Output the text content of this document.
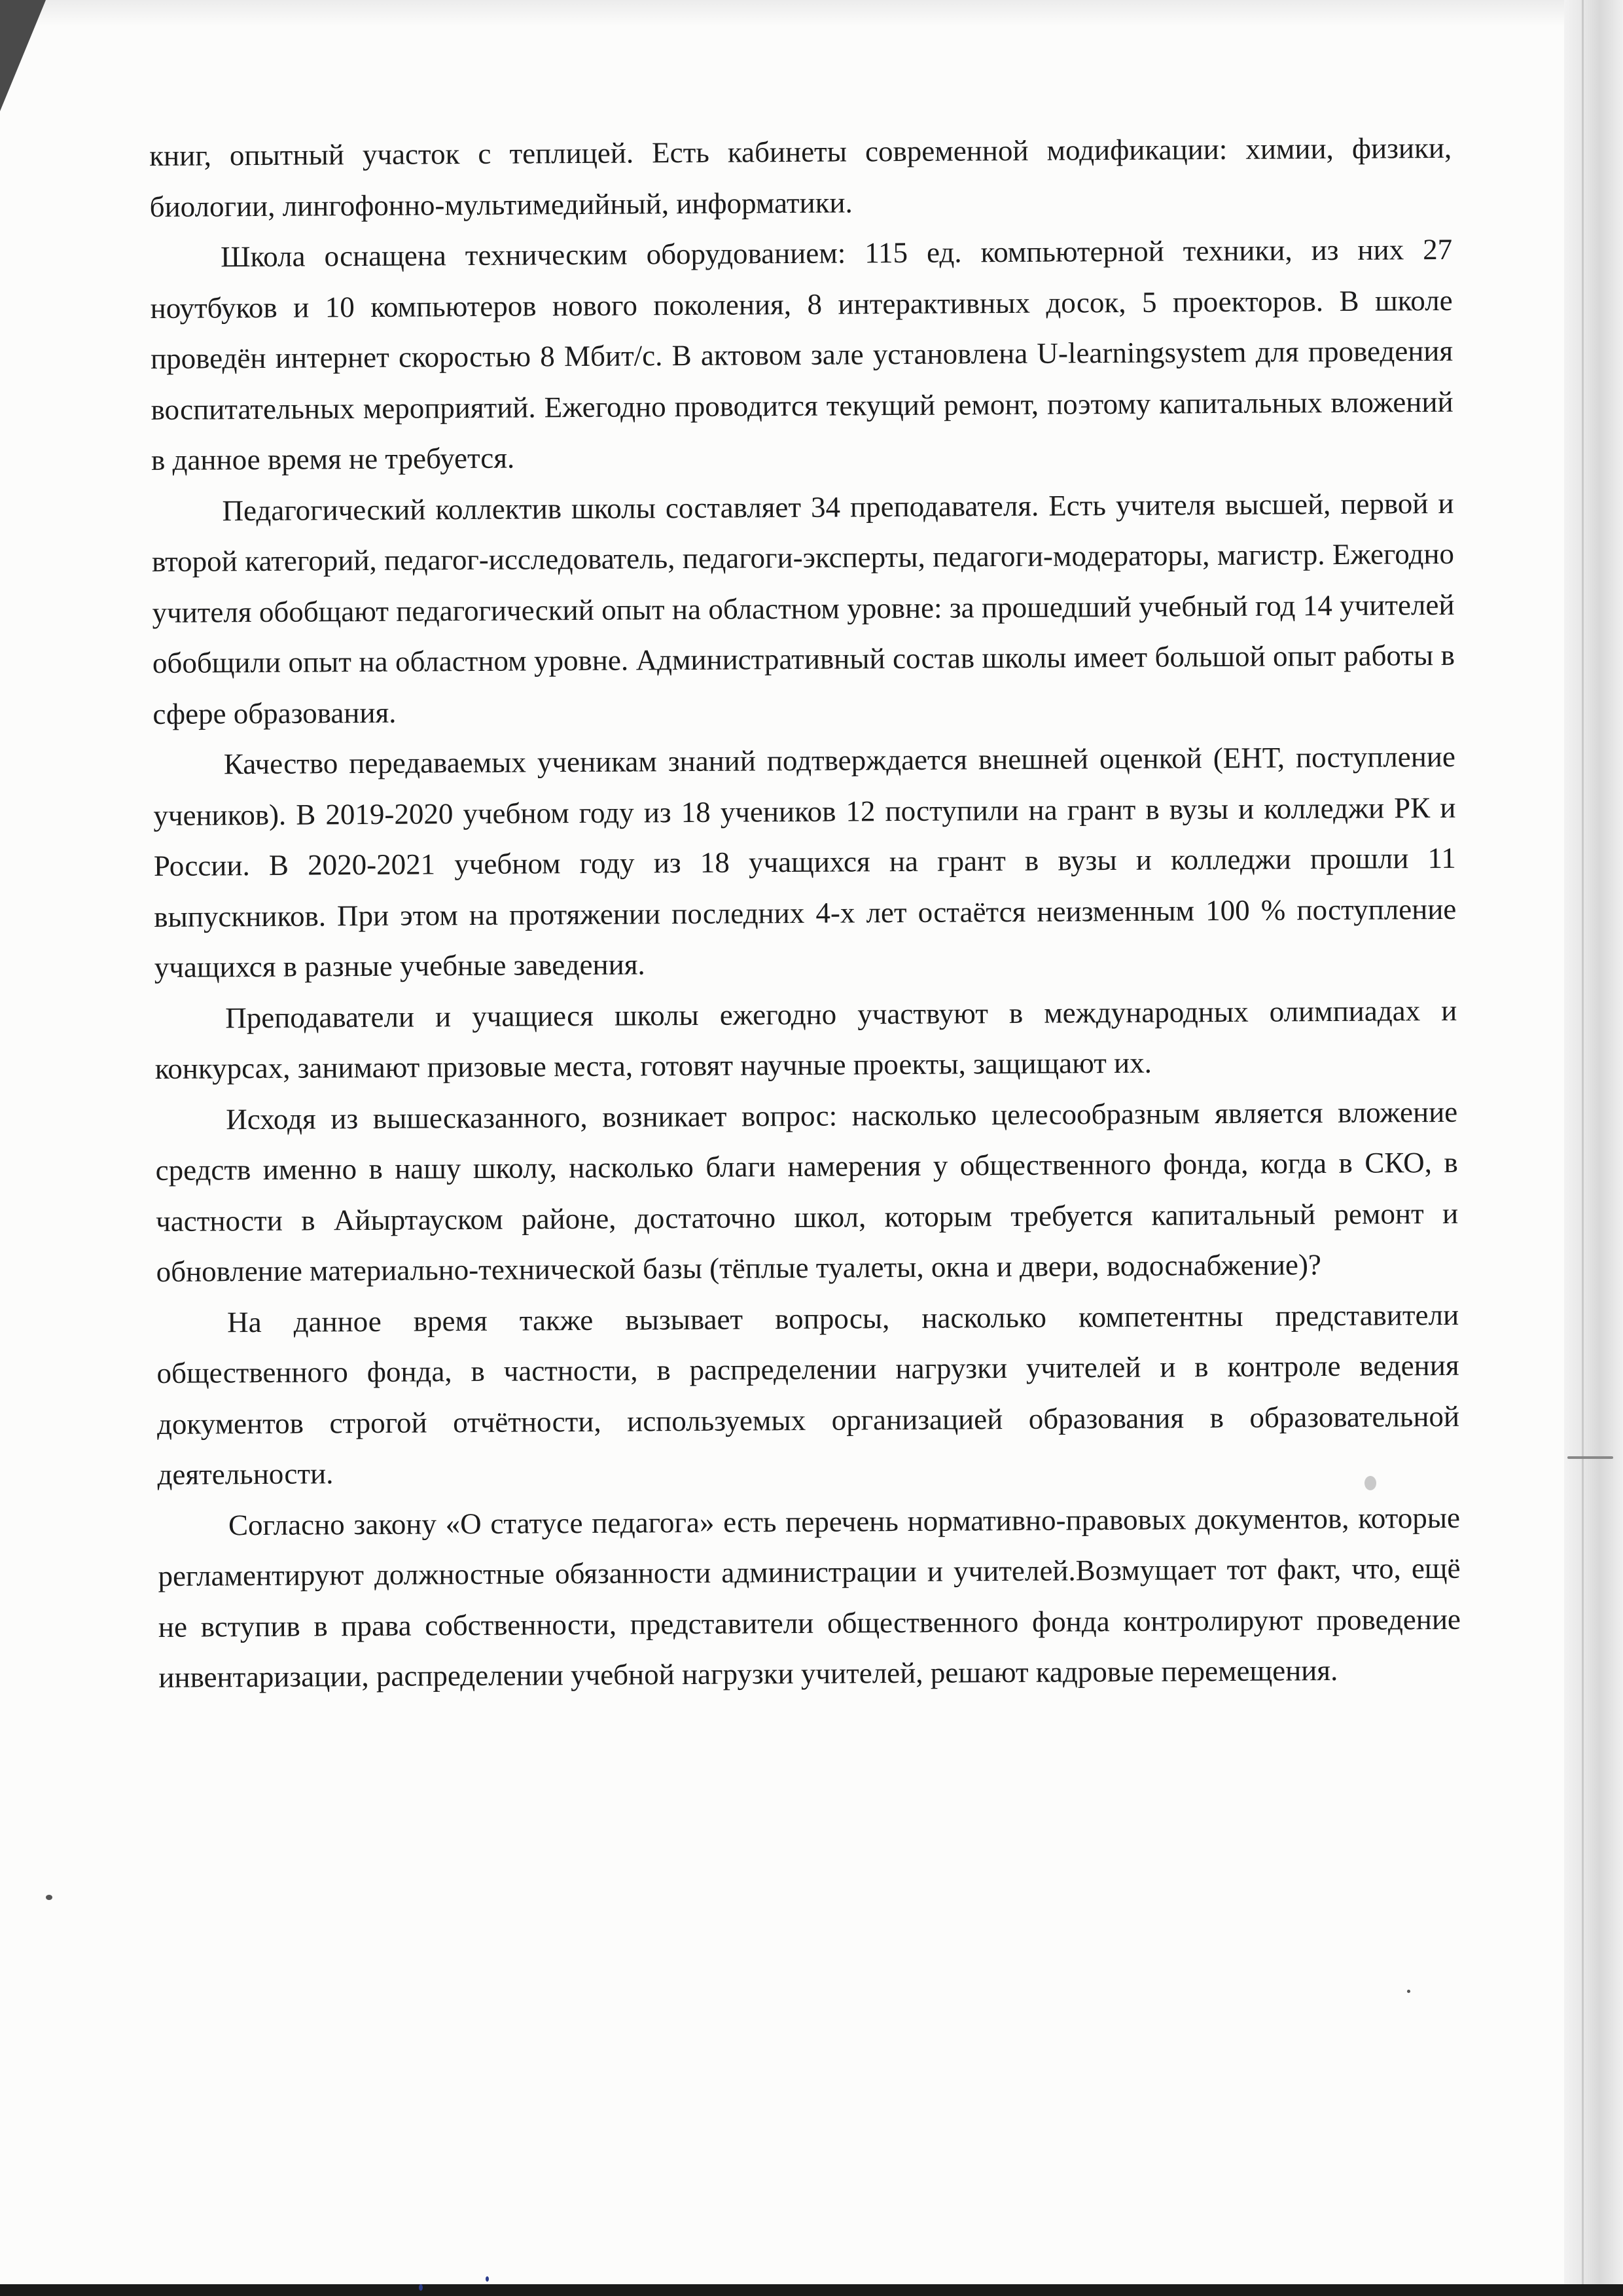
книг, опытный участок с теплицей. Есть кабинеты современной модификации: химии, физики, биологии, лингофонно-мультимедийный, информатики.

Школа оснащена техническим оборудованием: 115 ед. компьютерной техники, из них 27 ноутбуков и 10 компьютеров нового поколения, 8 интерактивных досок, 5 проекторов. В школе проведён интернет скоростью 8 Мбит/с. В актовом зале установлена U-learningsystem для проведения воспитательных мероприятий. Ежегодно проводится текущий ремонт, поэтому капитальных вложений в данное время не требуется.

Педагогический коллектив школы составляет 34 преподавателя. Есть учителя высшей, первой и второй категорий, педагог-исследователь, педагоги-эксперты, педагоги-модераторы, магистр. Ежегодно учителя обобщают педагогический опыт на областном уровне: за прошедший учебный год 14 учителей обобщили опыт на областном уровне. Административный состав школы имеет большой опыт работы в сфере образования.

Качество передаваемых ученикам знаний подтверждается внешней оценкой (ЕНТ, поступление учеников). В 2019-2020 учебном году из 18 учеников 12 поступили на грант в вузы и колледжи РК и России. В 2020-2021 учебном году из 18 учащихся на грант в вузы и колледжи прошли 11 выпускников. При этом на протяжении последних 4-х лет остаётся неизменным 100 % поступление учащихся в разные учебные заведения.

Преподаватели и учащиеся школы ежегодно участвуют в международных олимпиадах и конкурсах, занимают призовые места, готовят научные проекты, защищают их.

Исходя из вышесказанного, возникает вопрос: насколько целесообразным является вложение средств именно в нашу школу, насколько благи намерения у общественного фонда, когда в СКО, в частности в Айыртауском районе, достаточно школ, которым требуется капитальный ремонт и обновление материально-технической базы (тёплые туалеты, окна и двери, водоснабжение)?

На данное время также вызывает вопросы, насколько компетентны представители общественного фонда, в частности, в распределении нагрузки учителей и в контроле ведения документов строгой отчётности, используемых организацией образования в образовательной деятельности.

Согласно закону «О статусе педагога» есть перечень нормативно-правовых документов, которые регламентируют должностные обязанности администрации и учителей.Возмущает тот факт, что, ещё не вступив в права собственности, представители общественного фонда контролируют проведение инвентаризации, распределении учебной нагрузки учителей, решают кадровые перемещения.
